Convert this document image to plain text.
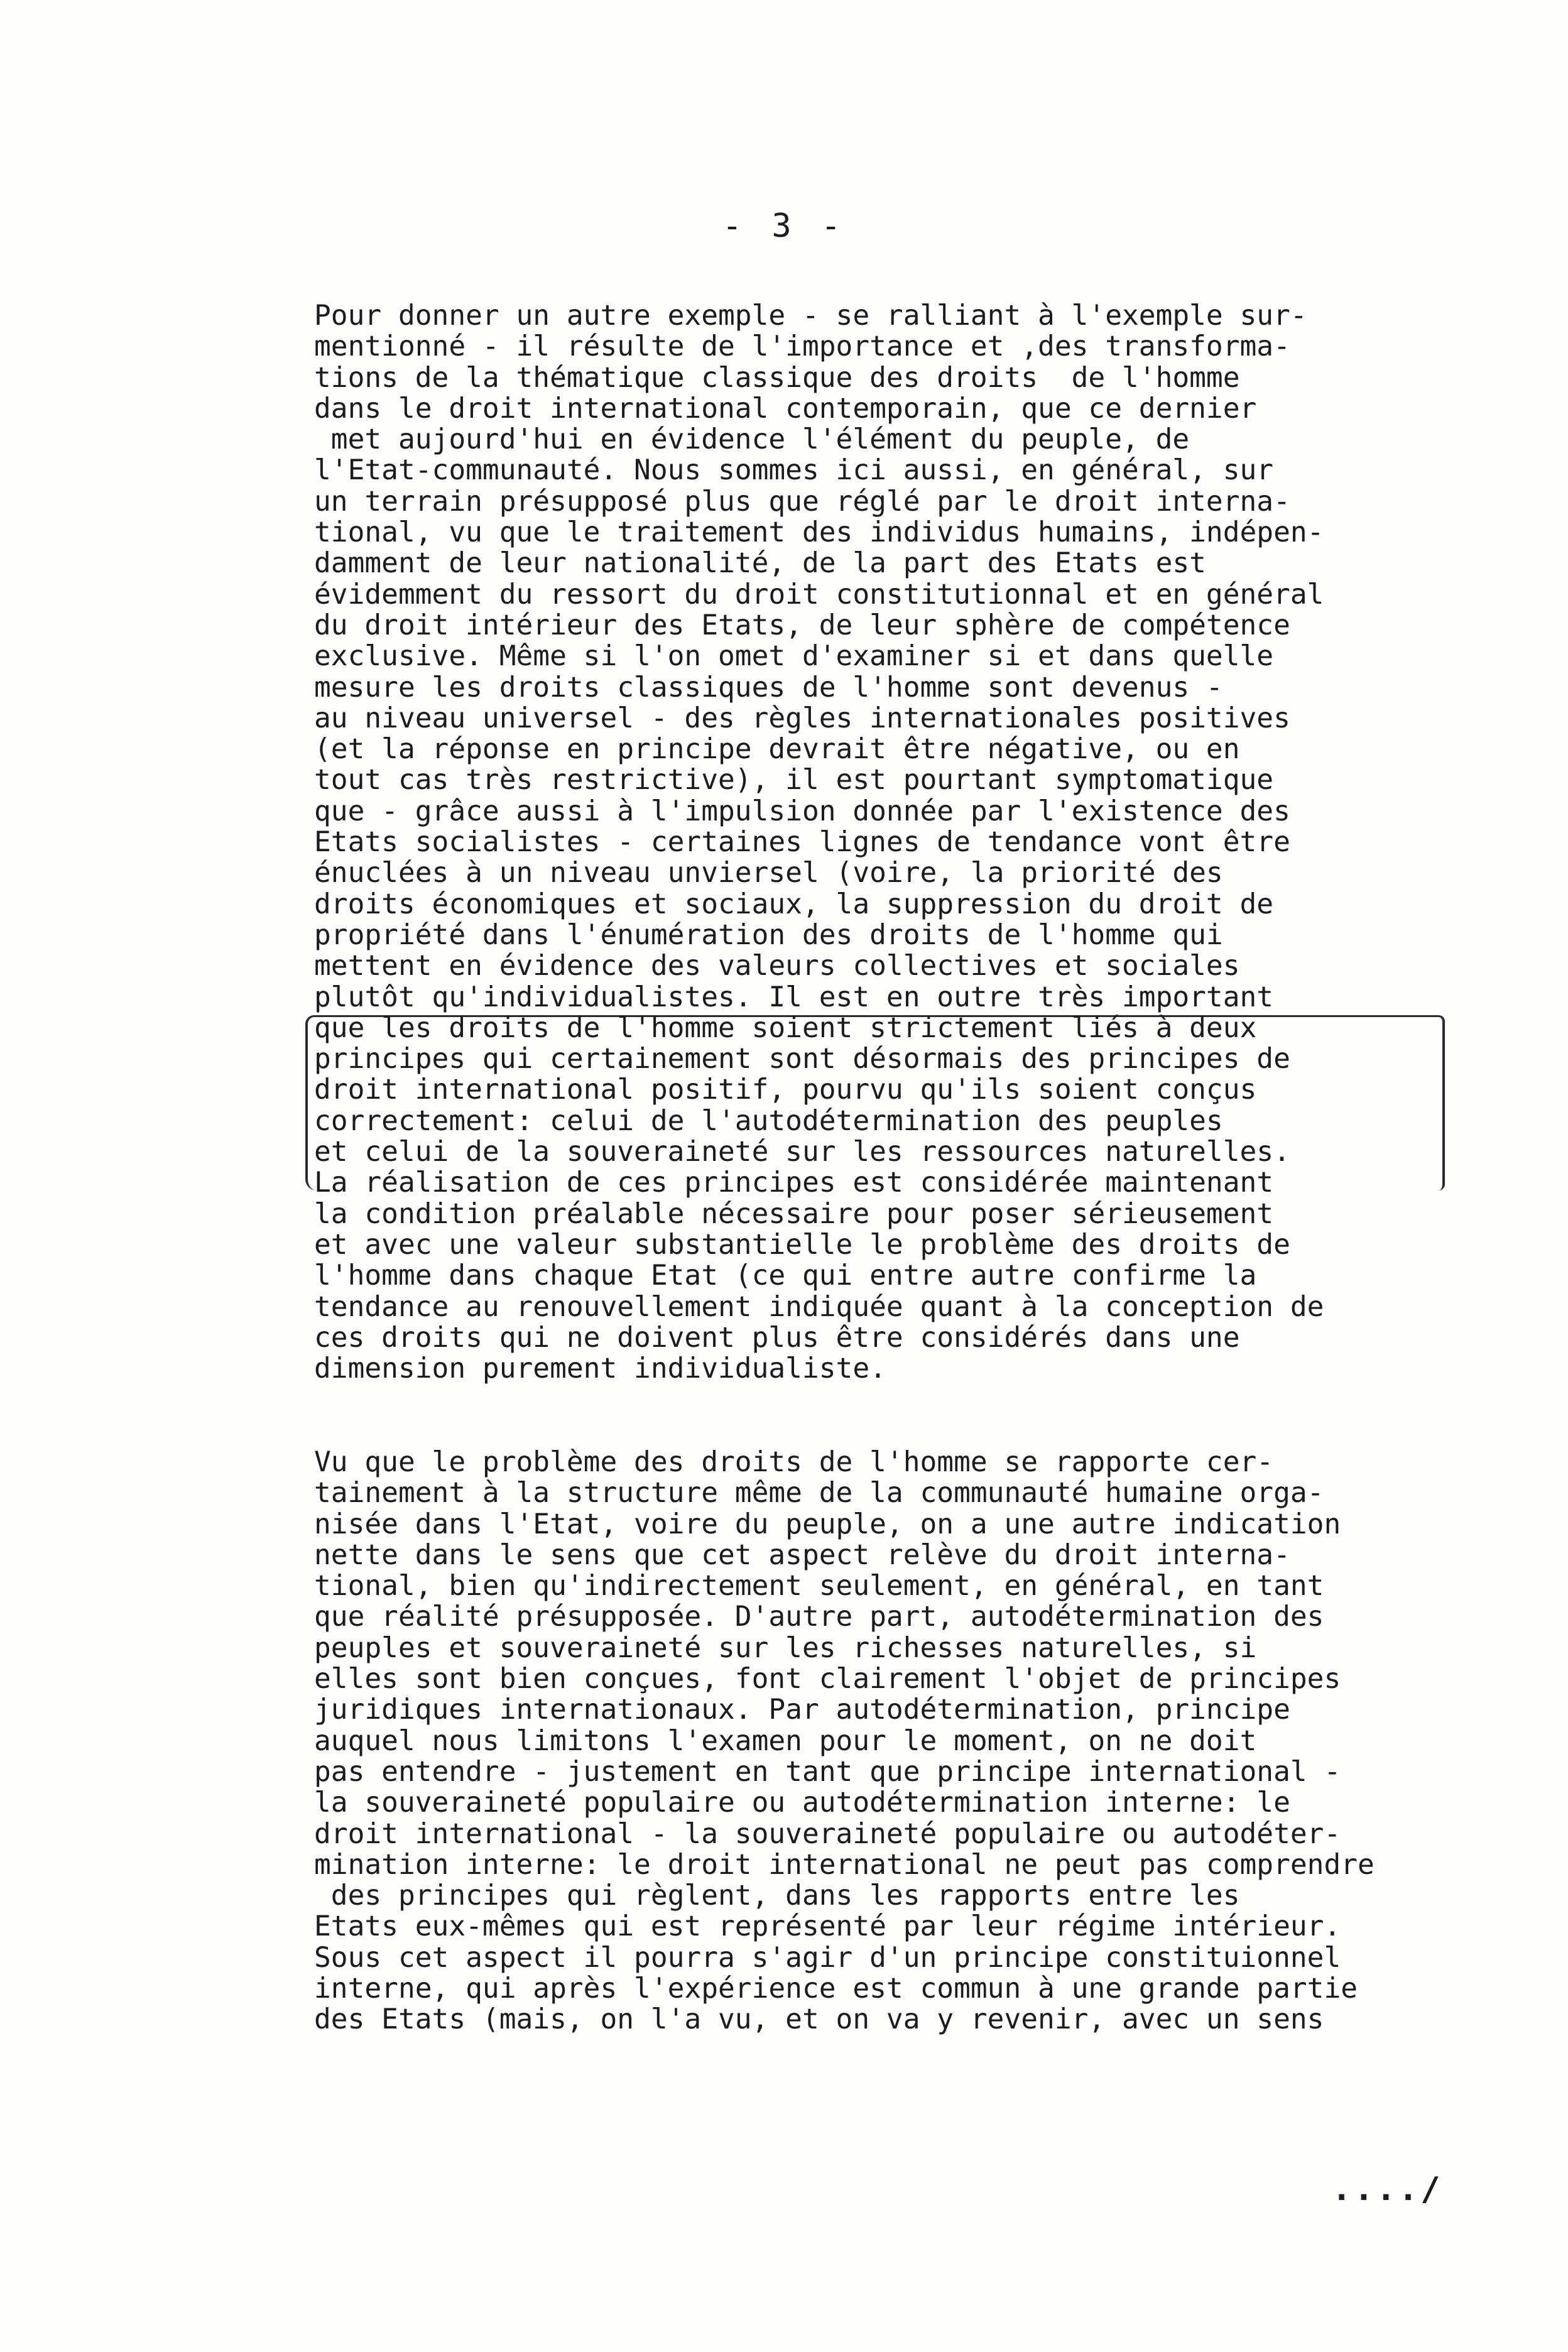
- 3 -
Pour donner un autre exemple - se ralliant à l'exemple sur-
mentionné - il résulte de l'importance et ,des transforma-
tions de la thématique classique des droits  de l'homme
dans le droit international contemporain, que ce dernier
met aujourd'hui en évidence l'élément du peuple, de
l'Etat-communauté. Nous sommes ici aussi, en général, sur
un terrain présupposé plus que réglé par le droit interna-
tional, vu que le traitement des individus humains, indépen-
damment de leur nationalité, de la part des Etats est
évidemment du ressort du droit constitutionnal et en général
du droit intérieur des Etats, de leur sphère de compétence
exclusive. Même si l'on omet d'examiner si et dans quelle
mesure les droits classiques de l'homme sont devenus -
au niveau universel - des règles internationales positives
(et la réponse en principe devrait être négative, ou en
tout cas très restrictive), il est pourtant symptomatique
que - grâce aussi à l'impulsion donnée par l'existence des
Etats socialistes - certaines lignes de tendance vont être
énuclées à un niveau unviersel (voire, la priorité des
droits économiques et sociaux, la suppression du droit de
propriété dans l'énumération des droits de l'homme qui
mettent en évidence des valeurs collectives et sociales
plutôt qu'individualistes. Il est en outre très important
que les droits de l'homme soient strictement liés à deux
principes qui certainement sont désormais des principes de
droit international positif, pourvu qu'ils soient conçus
correctement: celui de l'autodétermination des peuples
et celui de la souveraineté sur les ressources naturelles.
La réalisation de ces principes est considérée maintenant
la condition préalable nécessaire pour poser sérieusement
et avec une valeur substantielle le problème des droits de
l'homme dans chaque Etat (ce qui entre autre confirme la
tendance au renouvellement indiquée quant à la conception de
ces droits qui ne doivent plus être considérés dans une
dimension purement individualiste.
Vu que le problème des droits de l'homme se rapporte cer-
tainement à la structure même de la communauté humaine orga-
nisée dans l'Etat, voire du peuple, on a une autre indication
nette dans le sens que cet aspect relève du droit interna-
tional, bien qu'indirectement seulement, en général, en tant
que réalité présupposée. D'autre part, autodétermination des
peuples et souveraineté sur les richesses naturelles, si
elles sont bien conçues, font clairement l'objet de principes
juridiques internationaux. Par autodétermination, principe
auquel nous limitons l'examen pour le moment, on ne doit
pas entendre - justement en tant que principe international -
la souveraineté populaire ou autodétermination interne: le
droit international - la souveraineté populaire ou autodéter-
mination interne: le droit international ne peut pas comprendre
des principes qui règlent, dans les rapports entre les
Etats eux-mêmes qui est représenté par leur régime intérieur.
Sous cet aspect il pourra s'agir d'un principe constituionnel
interne, qui après l'expérience est commun à une grande partie
des Etats (mais, on l'a vu, et on va y revenir, avec un sens
..../
